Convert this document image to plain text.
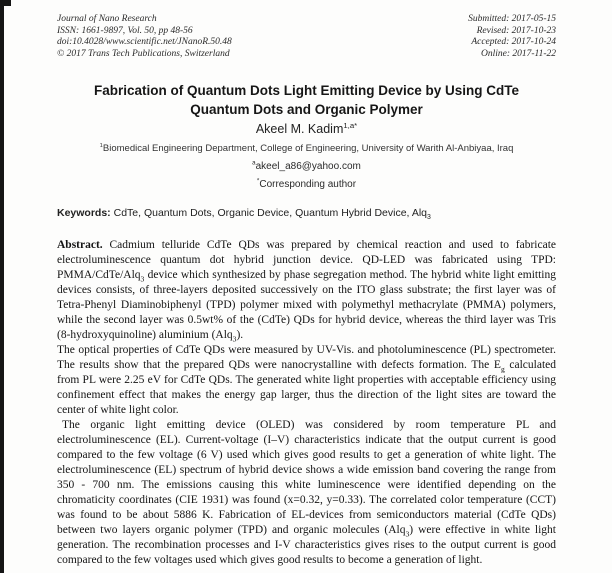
Journal of Nano Research
ISSN: 1661-9897, Vol. 50, pp 48-56
doi:10.4028/www.scientific.net/JNanoR.50.48
© 2017 Trans Tech Publications, Switzerland
Submitted: 2017-05-15
Revised: 2017-10-23
Accepted: 2017-10-24
Online: 2017-11-22
Fabrication of Quantum Dots Light Emitting Device by Using CdTe Quantum Dots and Organic Polymer
Akeel M. Kadim$^{1,a*}$
$^1$Biomedical Engineering Department, College of Engineering, University of Warith Al-Anbiyaa, Iraq
$^a$akeel_a86@yahoo.com
*Corresponding author
Keywords: CdTe, Quantum Dots, Organic Device, Quantum Hybrid Device, Alq$_3$

Abstract. Cadmium telluride CdTe QDs was prepared by chemical reaction and used to fabricate electroluminescence quantum dot hybrid junction device. QD-LED was fabricated using TPD: PMMA/CdTe/Alq$_3$ device which synthesized by phase segregation method. The hybrid white light emitting devices consists, of three-layers deposited successively on the ITO glass substrate; the first layer was of Tetra-Phenyl Diaminobiphenyl (TPD) polymer mixed with polymethyl methacrylate (PMMA) polymers, while the second layer was 0.5wt% of the (CdTe) QDs for hybrid device, whereas the third layer was Tris (8-hydroxyquinoline) aluminium (Alq$_3$).

The optical properties of CdTe QDs were measured by UV-Vis. and photoluminescence (PL) spectrometer. The results show that the prepared QDs were nanocrystalline with defects formation. The $E_g$ calculated from PL were 2.25 eV for CdTe QDs. The generated white light properties with acceptable efficiency using confinement effect that makes the energy gap larger, thus the direction of the light sites are toward the center of white light color.

The organic light emitting device (OLED) was considered by room temperature PL and electroluminescence (EL). Current-voltage (I–V) characteristics indicate that the output current is good compared to the few voltage (6 V) used which gives good results to get a generation of white light. The electroluminescence (EL) spectrum of hybrid device shows a wide emission band covering the range from 350 - 700 nm. The emissions causing this white luminescence were identified depending on the chromaticity coordinates (CIE 1931) was found (x=0.32, y=0.33). The correlated color temperature (CCT) was found to be about 5886 K. Fabrication of EL-devices from semiconductors material (CdTe QDs) between two layers organic polymer (TPD) and organic molecules (Alq$_3$) were effective in white light generation. The recombination processes and I-V characteristics gives rises to the output current is good compared to the few voltages used which gives good results to become a generation of light.
